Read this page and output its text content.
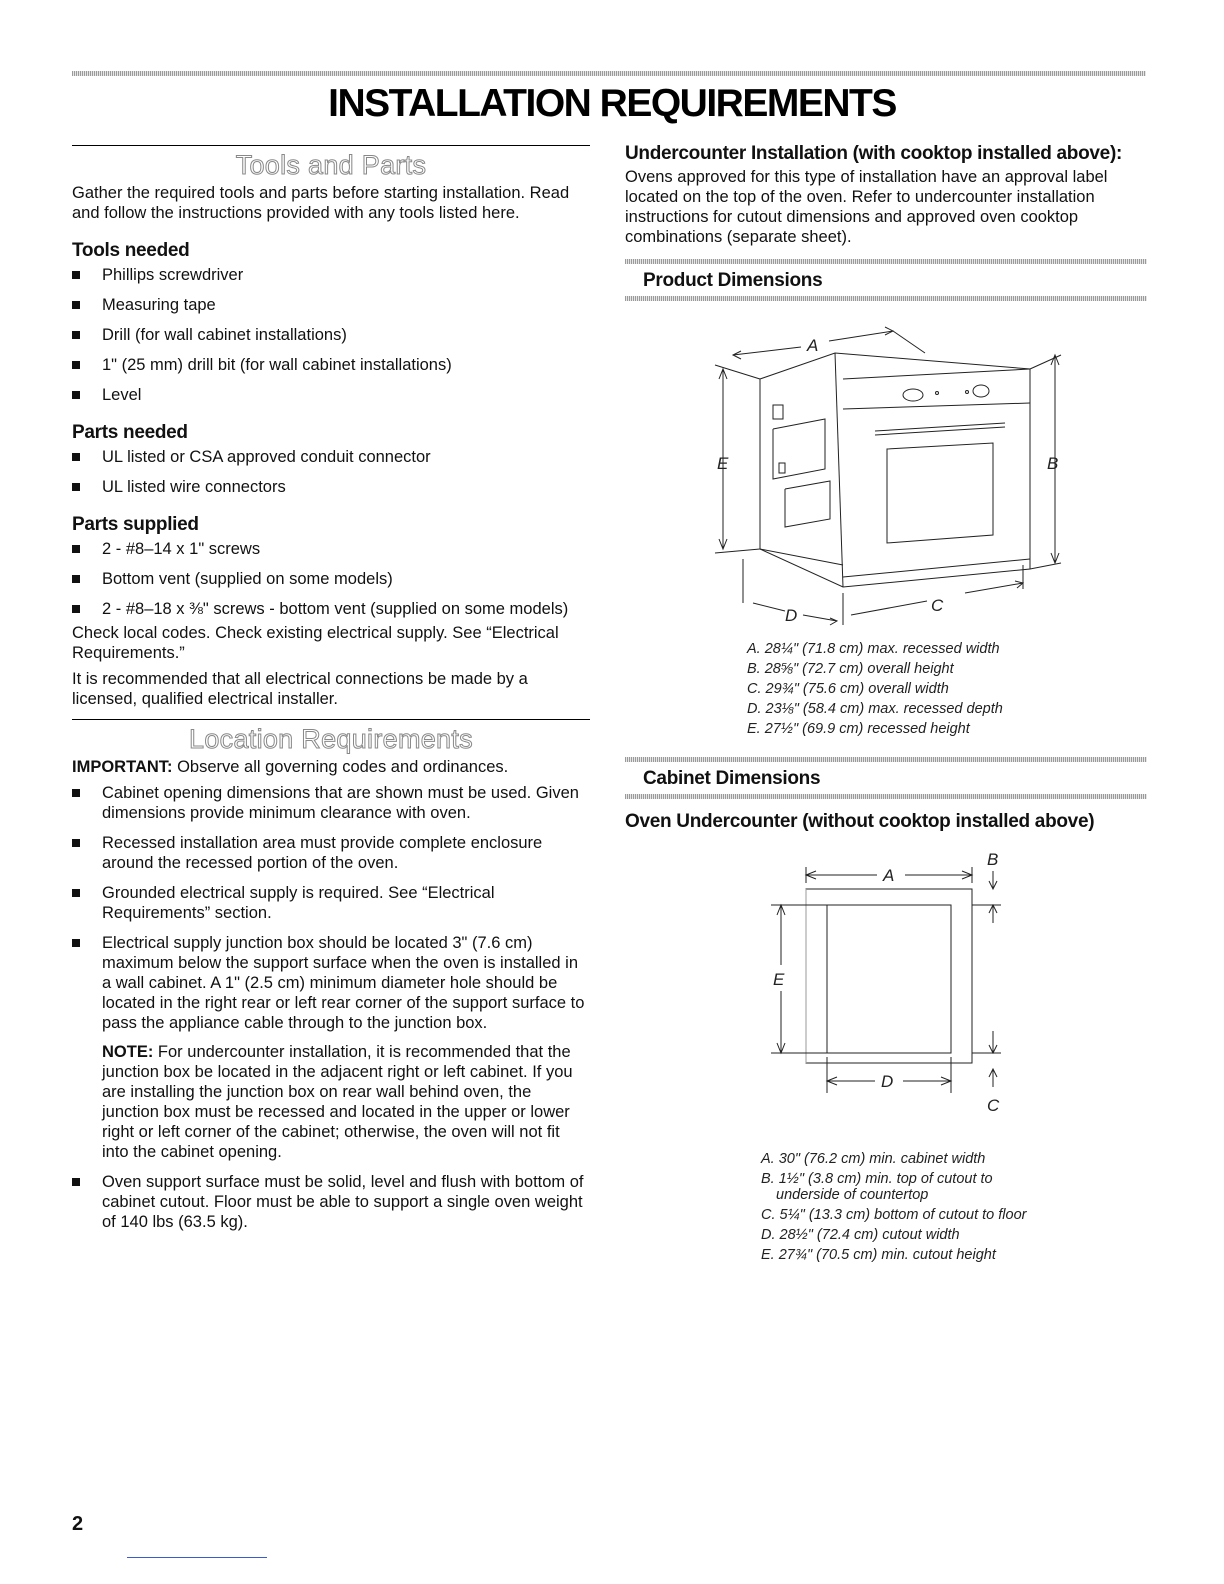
INSTALLATION REQUIREMENTS
Tools and Parts

Gather the required tools and parts before starting installation. Read and follow the instructions provided with any tools listed here.

Tools needed
Phillips screwdriver
Measuring tape
Drill (for wall cabinet installations)
1" (25 mm) drill bit (for wall cabinet installations)
Level
Parts needed
UL listed or CSA approved conduit connector
UL listed wire connectors
Parts supplied
2 - #8–14 x 1" screws
Bottom vent (supplied on some models)
2 - #8–18 x ⅜" screws - bottom vent (supplied on some models)

Check local codes. Check existing electrical supply. See “Electrical Requirements.”

It is recommended that all electrical connections be made by a licensed, qualified electrical installer.

Location Requirements

IMPORTANT: Observe all governing codes and ordinances.

Cabinet opening dimensions that are shown must be used. Given dimensions provide minimum clearance with oven.
Recessed installation area must provide complete enclosure around the recessed portion of the oven.
Grounded electrical supply is required. See “Electrical Requirements” section.
Electrical supply junction box should be located 3" (7.6 cm) maximum below the support surface when the oven is installed in a wall cabinet. A 1" (2.5 cm) minimum diameter hole should be located in the right rear or left rear corner of the support surface to pass the appliance cable through to the junction box.

NOTE: For undercounter installation, it is recommended that the junction box be located in the adjacent right or left cabinet. If you are installing the junction box on rear wall behind oven, the junction box must be recessed and located in the upper or lower right or left corner of the cabinet; otherwise, the oven will not fit into the cabinet opening.

Oven support surface must be solid, level and flush with bottom of cabinet cutout. Floor must be able to support a single oven weight of 140 lbs (63.5 kg).
Undercounter Installation (with cooktop installed above):

Ovens approved for this type of installation have an approval label located on the top of the oven. Refer to undercounter installation instructions for cutout dimensions and approved oven cooktop combinations (separate sheet).

Product Dimensions
A
E	B
D
C
A. 28¼" (71.8 cm) max. recessed width
B. 28⅝" (72.7 cm) overall height
C. 29¾" (75.6 cm) overall width
D. 23⅛" (58.4 cm) max. recessed depth
E. 27½" (69.9 cm) recessed height
Cabinet Dimensions
Oven Undercounter (without cooktop installed above)
A
B
E
D
C
A. 30" (76.2 cm) min. cabinet width
B. 1½" (3.8 cm) min. top of cutout to
underside of countertop
C. 5¼" (13.3 cm) bottom of cutout to floor
D. 28½" (72.4 cm) cutout width
E. 27¾" (70.5 cm) min. cutout height
2
